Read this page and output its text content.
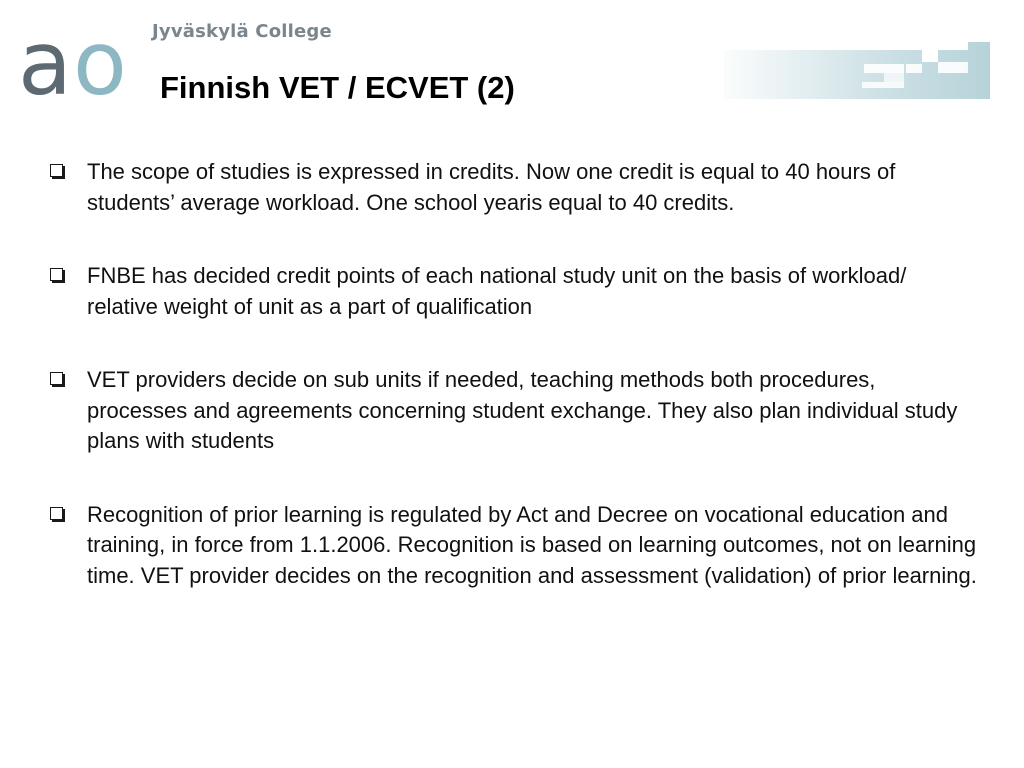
a o Jyväskylä College
Finnish VET / ECVET (2)
The scope of studies is expressed in credits. Now one credit is equal to 40 hours of students’ average workload. One school yearis equal to 40 credits.
FNBE has decided credit points of each national study unit on the basis of workload/ relative weight of unit as a part of qualification
VET providers decide on sub units if needed, teaching methods both procedures, processes and agreements concerning student exchange. They also plan individual study plans with students
Recognition of prior learning is regulated by Act and Decree on vocational education and training, in force from 1.1.2006. Recognition is based on learning outcomes, not on learning time. VET provider decides on the recognition and assessment (validation) of prior learning.
